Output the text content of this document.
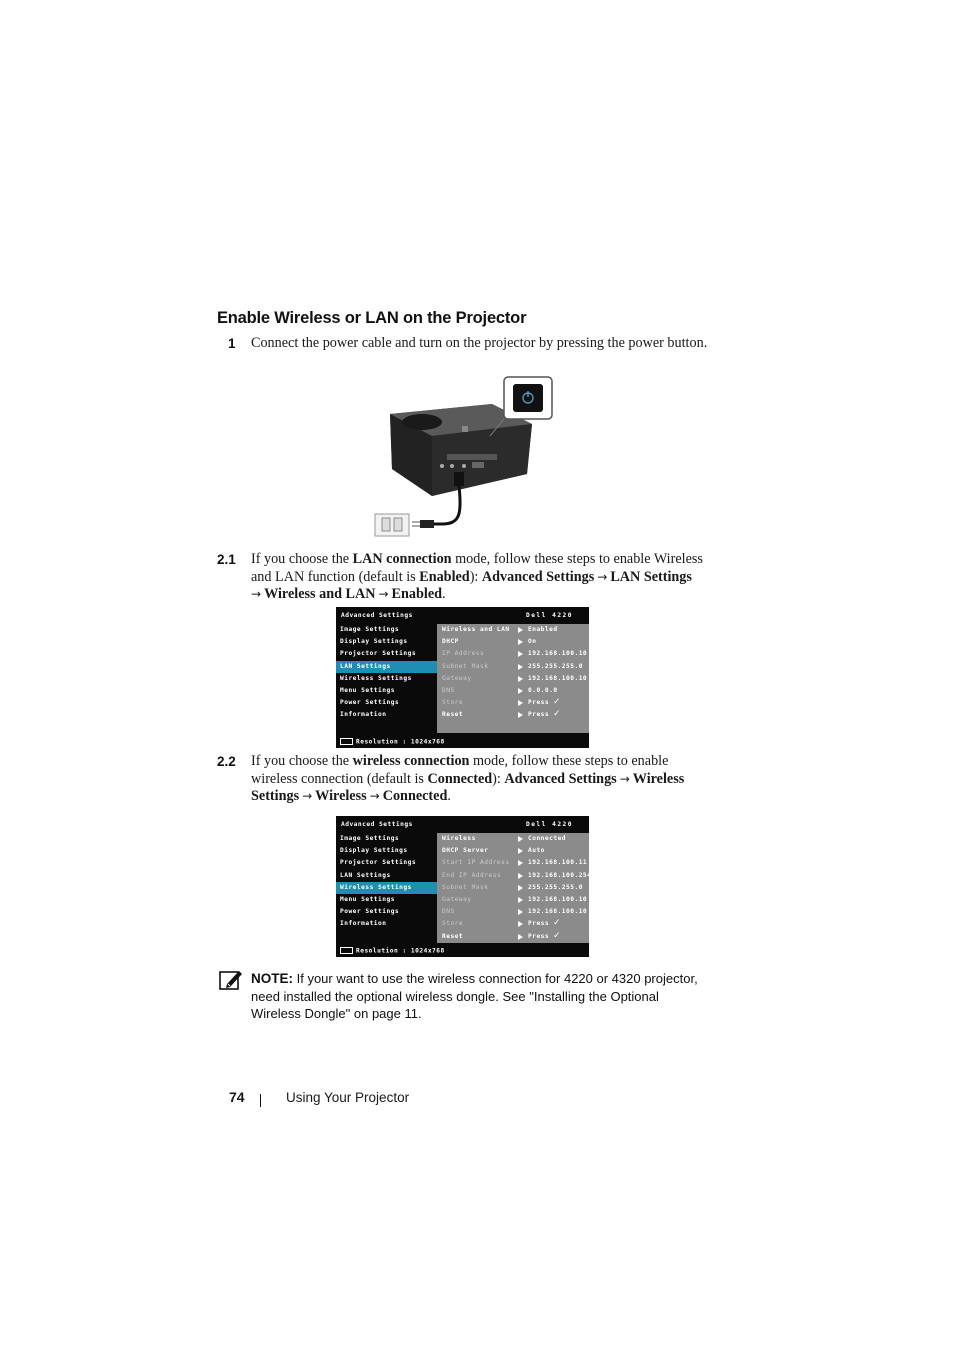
Enable Wireless or LAN on the Projector
1 Connect the power cable and turn on the projector by pressing the power button.
2.1 If you choose the LAN connection mode, follow these steps to enable Wireless and LAN function (default is Enabled): Advanced Settings → LAN Settings
→ Wireless and LAN → Enabled.
Advanced Settings	Dell 4220
Image Settings
Display Settings
Projector Settings
LAN Settings
Wireless Settings
Menu Settings
Power Settings
Information
Wireless and LAN	Enabled
DHCP	On
IP Address	192.168.100.10
Subnet Mask	255.255.255.0
Gateway	192.168.100.10
DNS	0.0.0.0
Store	Press ✓
Reset	Press ✓
Resolution : 1024x768
2.2 If you choose the wireless connection mode, follow these steps to enable wireless connection (default is Connected): Advanced Settings → Wireless
Settings → Wireless → Connected.
Advanced Settings	Dell 4220
Image Settings
Display Settings
Projector Settings
LAN Settings
Wireless Settings
Menu Settings
Power Settings
Information
Wireless	Connected
DHCP Server	Auto
Start IP Address	192.168.100.11
End IP Address	192.168.100.254
Subnet Mask	255.255.255.0
Gateway	192.168.100.10
DNS	192.168.100.10
Store	Press ✓
Reset	Press ✓
Resolution : 1024x768
NOTE: If your want to use the wireless connection for 4220 or 4320 projector, need installed the optional wireless dongle. See "Installing the Optional Wireless Dongle" on page 11.
74	Using Your Projector
